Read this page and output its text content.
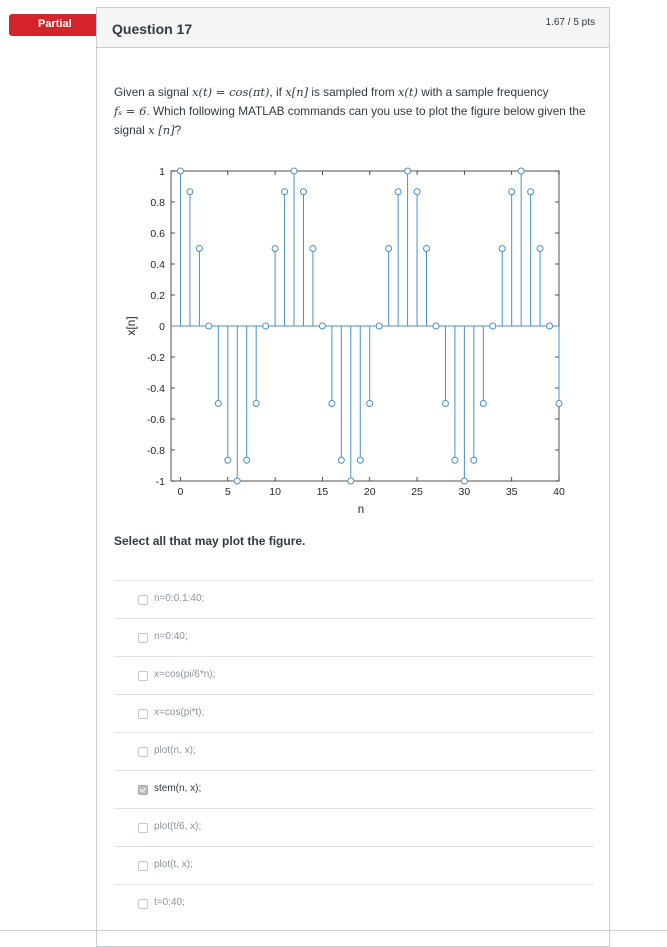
Partial	Question 17	1.67 / 5 pts
Given a signal x(t) = cos(πt), if x[n] is sampled from x(t) with a sample frequency
fₛ = 6. Which following MATLAB commands can you use to plot the figure below given the signal x [n]?
0	5	10	15	20	25	30	35	40
-1
-0.8
-0.6
-0.4
-0.2
0
0.2
0.4
0.6
0.8
1
n
x[n]
Select all that may plot the figure.
n=0:0.1:40;
n=0:40;
x=cos(pi/6*n);
x=cos(pi*t);
plot(n, x);
stem(n, x);
plot(t/6, x);
plot(t, x);
t=0:40;
